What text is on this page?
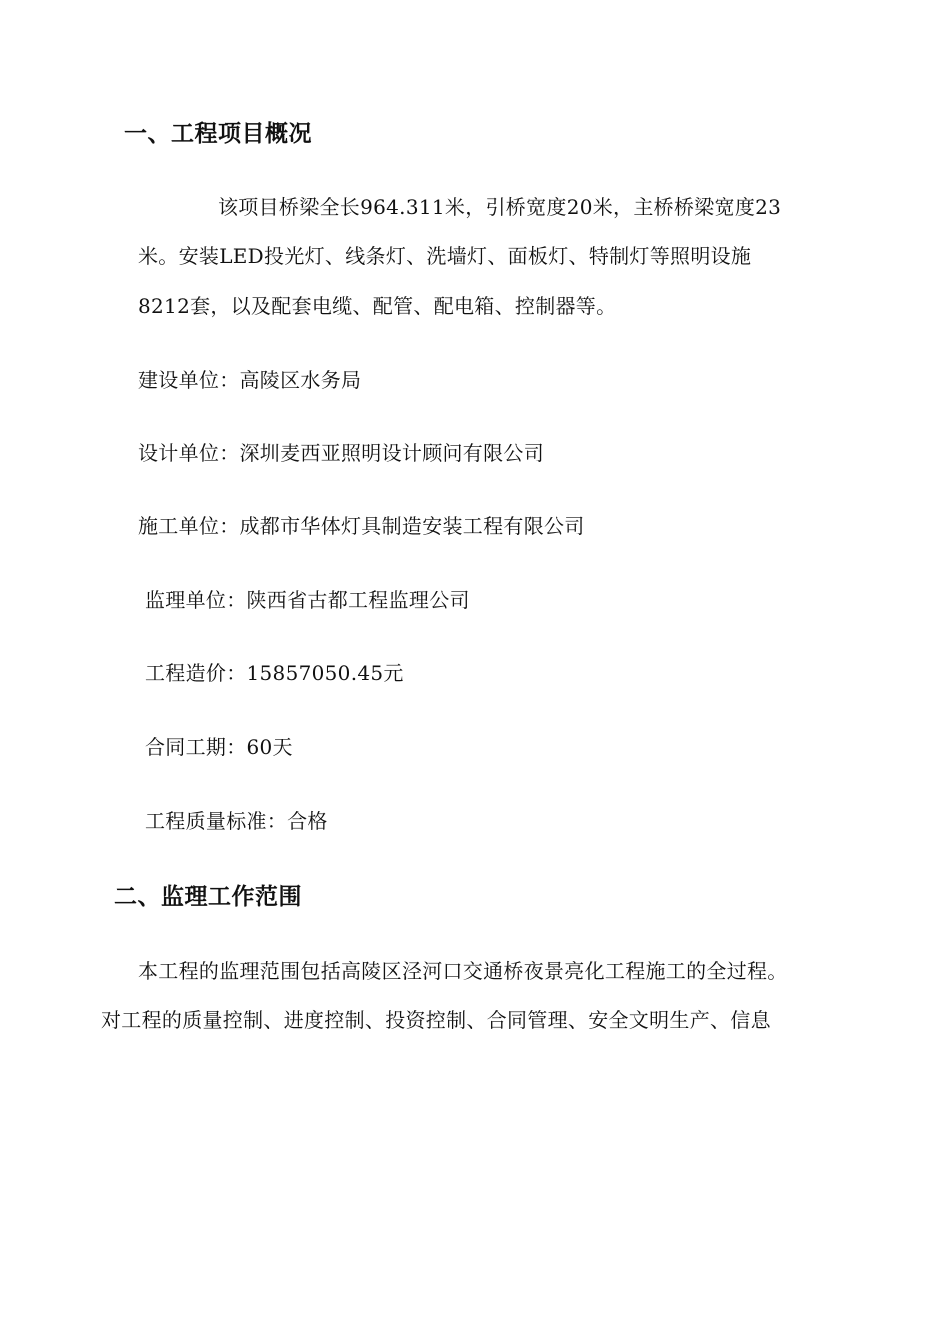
一、工程项目概况
该项目桥梁全长964.311米，引桥宽度20米，主桥桥梁宽度23
米。安装LED投光灯、线条灯、洗墙灯、面板灯、特制灯等照明设施
8212套，以及配套电缆、配管、配电箱、控制器等。
建设单位：高陵区水务局
设计单位：深圳麦西亚照明设计顾问有限公司
施工单位：成都市华体灯具制造安装工程有限公司
监理单位：陕西省古都工程监理公司
工程造价：15857050.45元
合同工期：60天
工程质量标准：合格
二、监理工作范围
本工程的监理范围包括高陵区泾河口交通桥夜景亮化工程施工的全过程。
对工程的质量控制、进度控制、投资控制、合同管理、安全文明生产、信息
